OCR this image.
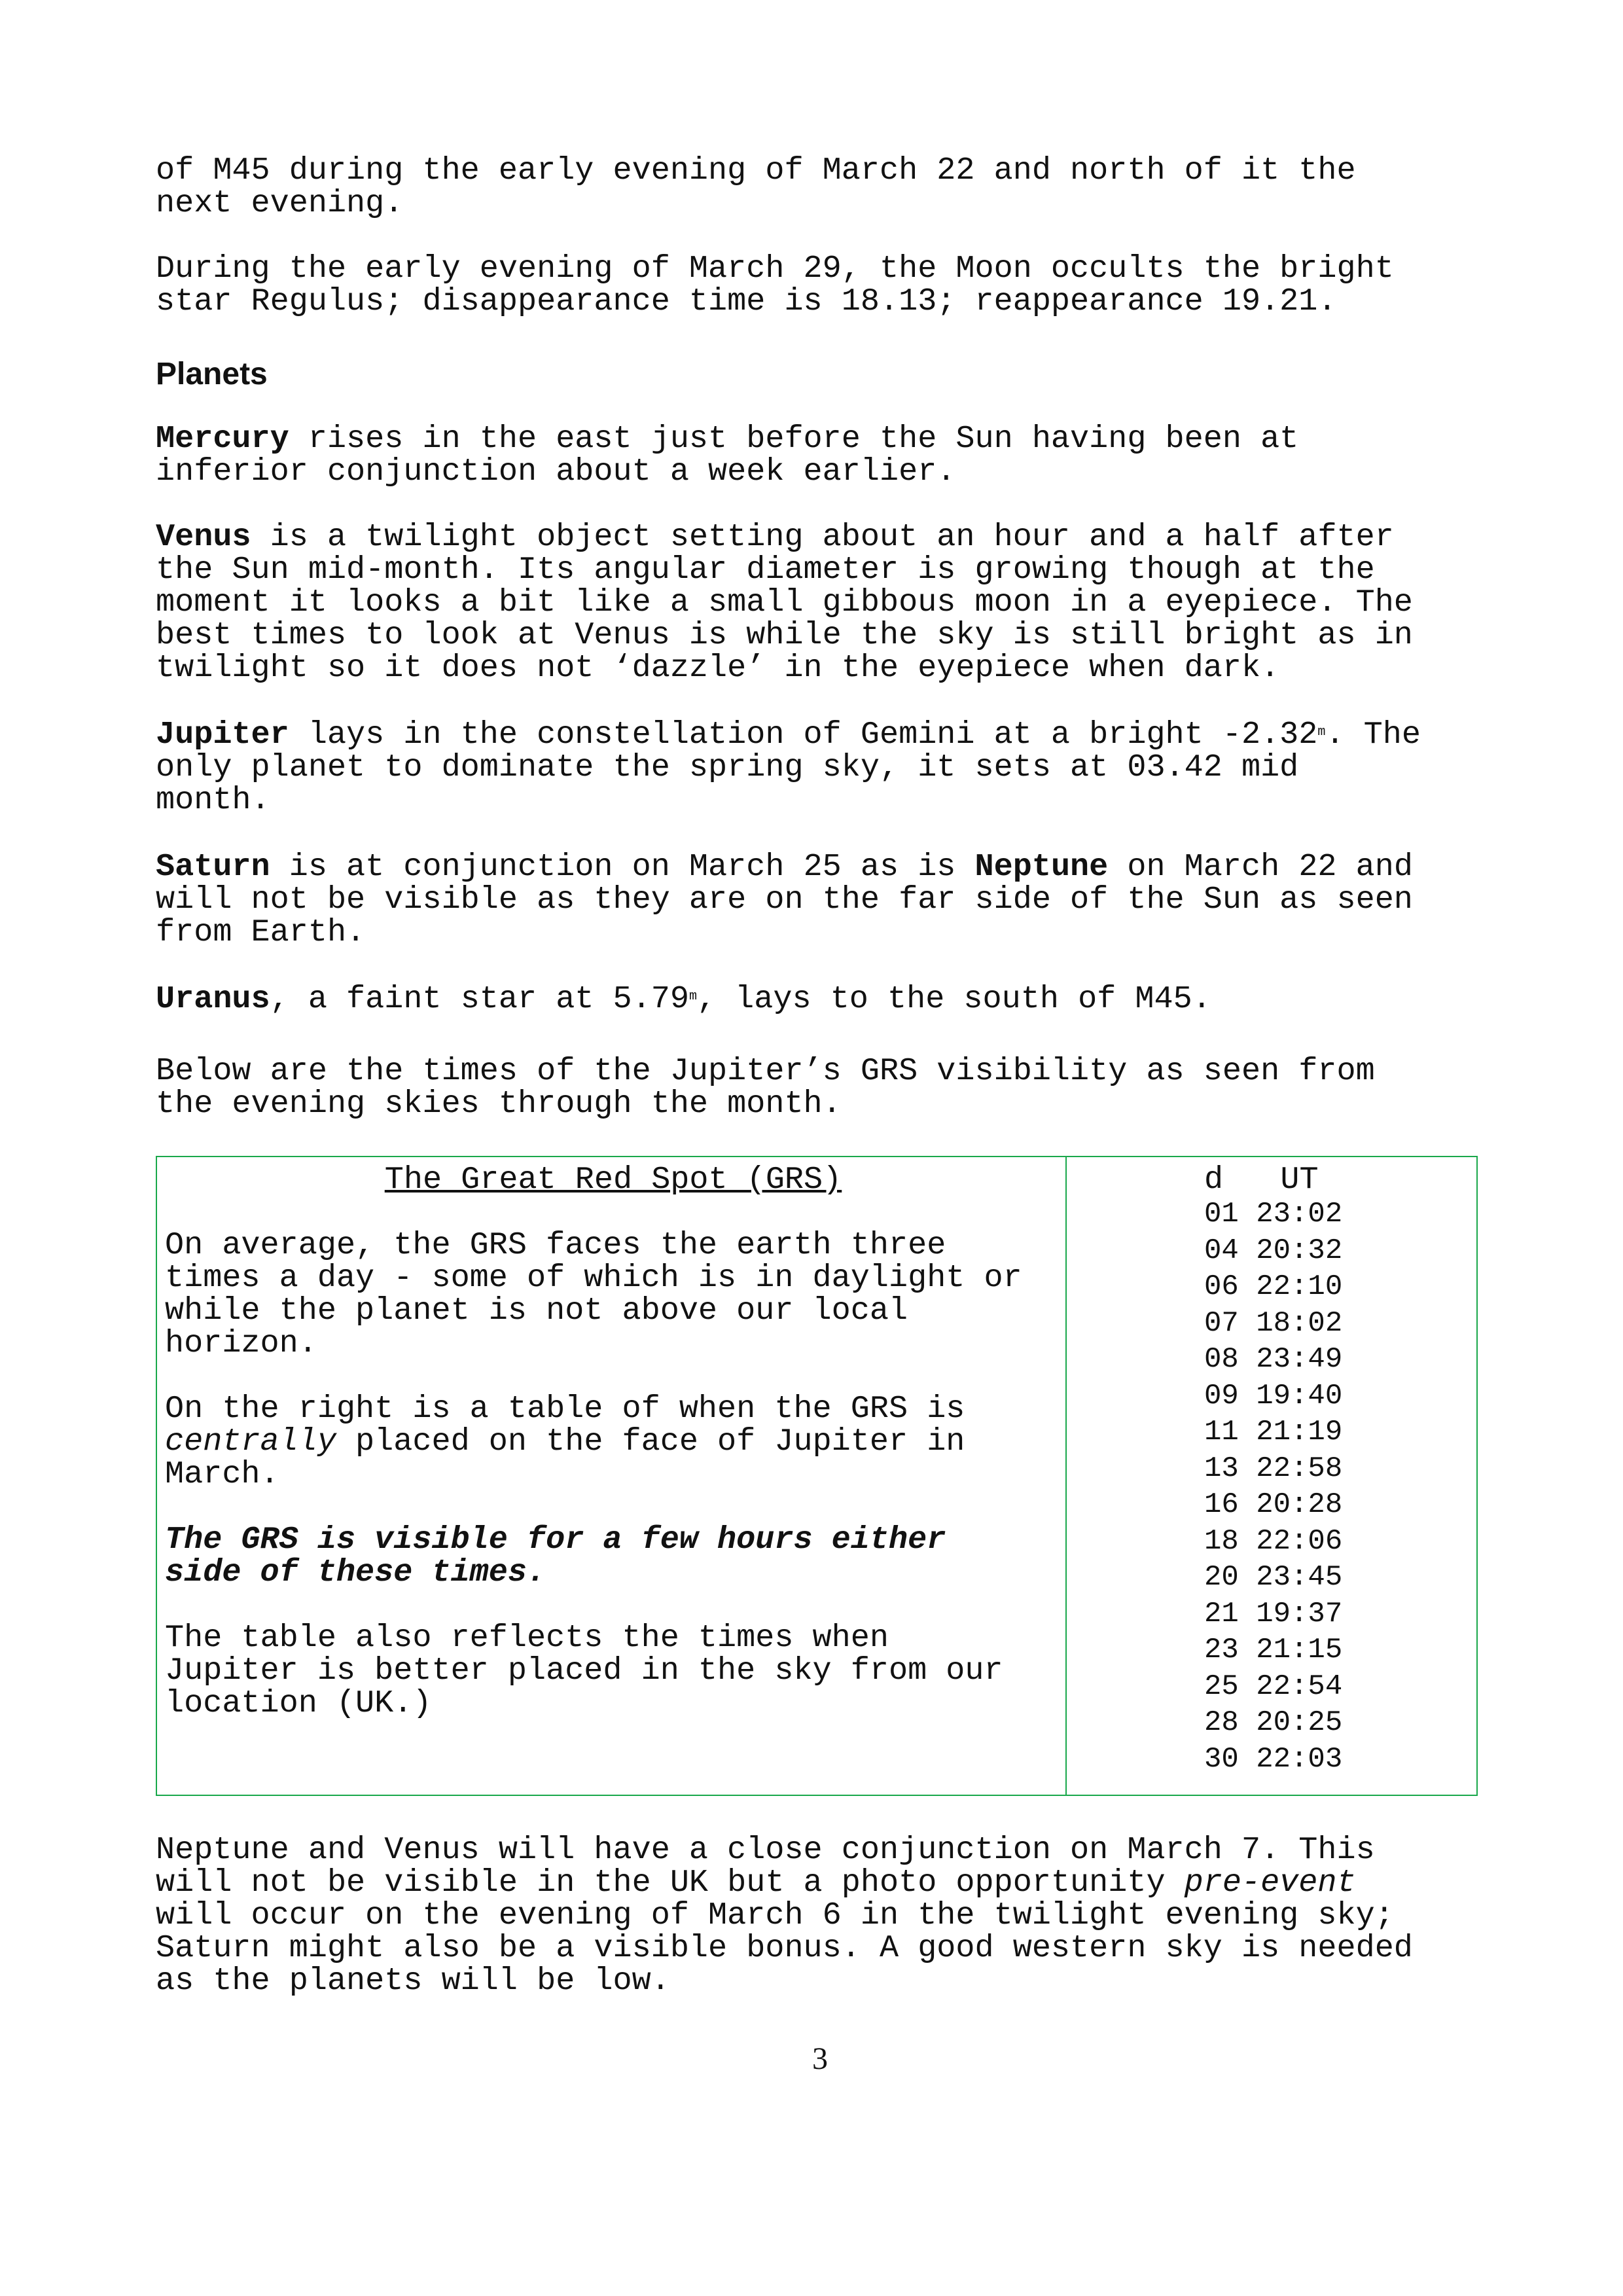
of M45 during the early evening of March 22 and north of it the
next evening.

During the early evening of March 29, the Moon occults the bright
star Regulus; disappearance time is 18.13; reappearance 19.21.

Planets

Mercury rises in the east just before the Sun having been at
inferior conjunction about a week earlier.

Venus is a twilight object setting about an hour and a half after
the Sun mid-month. Its angular diameter is growing though at the
moment it looks a bit like a small gibbous moon in a eyepiece. The
best times to look at Venus is while the sky is still bright as in
twilight so it does not ‘dazzle’ in the eyepiece when dark.

Jupiter lays in the constellation of Gemini at a bright -2.32$^m$. The
only planet to dominate the spring sky, it sets at 03.42 mid
month.

Saturn is at conjunction on March 25 as is Neptune on March 22 and
will not be visible as they are on the far side of the Sun as seen
from Earth.

Uranus, a faint star at 5.79$^m$, lays to the south of M45.

Below are the times of the Jupiter’s GRS visibility as seen from
the evening skies through the month.

The Great Red Spot (GRS)

On average, the GRS faces the earth three
times a day - some of which is in daylight or
while the planet is not above our local
horizon.

On the right is a table of when the GRS is
centrally placed on the face of Jupiter in
March.

The GRS is visible for a few hours either
side of these times.

The table also reflects the times when
Jupiter is better placed in the sky from our
location (UK.)

d   UT
01 23:02
04 20:32
06 22:10
07 18:02
08 23:49
09 19:40
11 21:19
13 22:58
16 20:28
18 22:06
20 23:45
21 19:37
23 21:15
25 22:54
28 20:25
30 22:03

Neptune and Venus will have a close conjunction on March 7. This
will not be visible in the UK but a photo opportunity pre-event
will occur on the evening of March 6 in the twilight evening sky;
Saturn might also be a visible bonus. A good western sky is needed
as the planets will be low.

3
